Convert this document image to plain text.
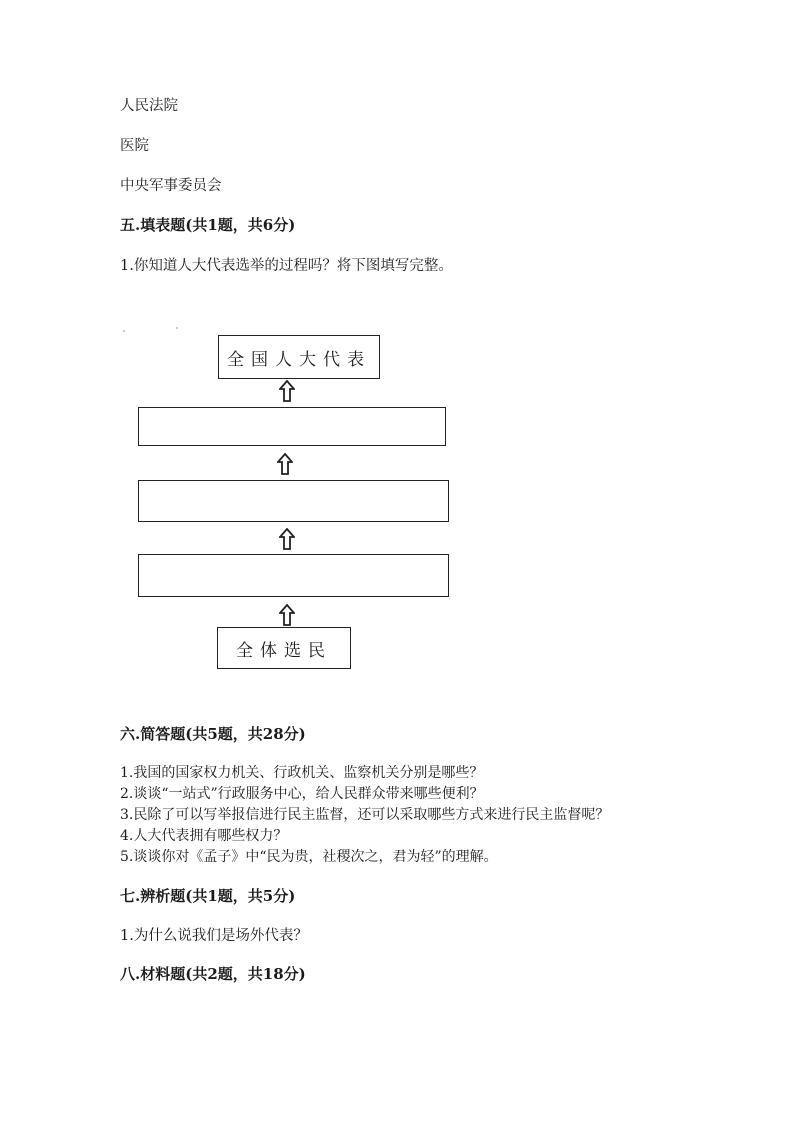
人民法院
医院
中央军事委员会
五.填表题(共1题，共6分)
1.你知道人大代表选举的过程吗？将下图填写完整。
全国人大代表
全体选民
六.简答题(共5题，共28分)
1.我国的国家权力机关、行政机关、监察机关分别是哪些？
2.谈谈“一站式”行政服务中心，给人民群众带来哪些便利？
3.民除了可以写举报信进行民主监督，还可以采取哪些方式来进行民主监督呢？
4.人大代表拥有哪些权力？
5.谈谈你对《孟子》中“民为贵，社稷次之，君为轻”的理解。
七.辨析题(共1题，共5分)
1.为什么说我们是场外代表？
八.材料题(共2题，共18分)
